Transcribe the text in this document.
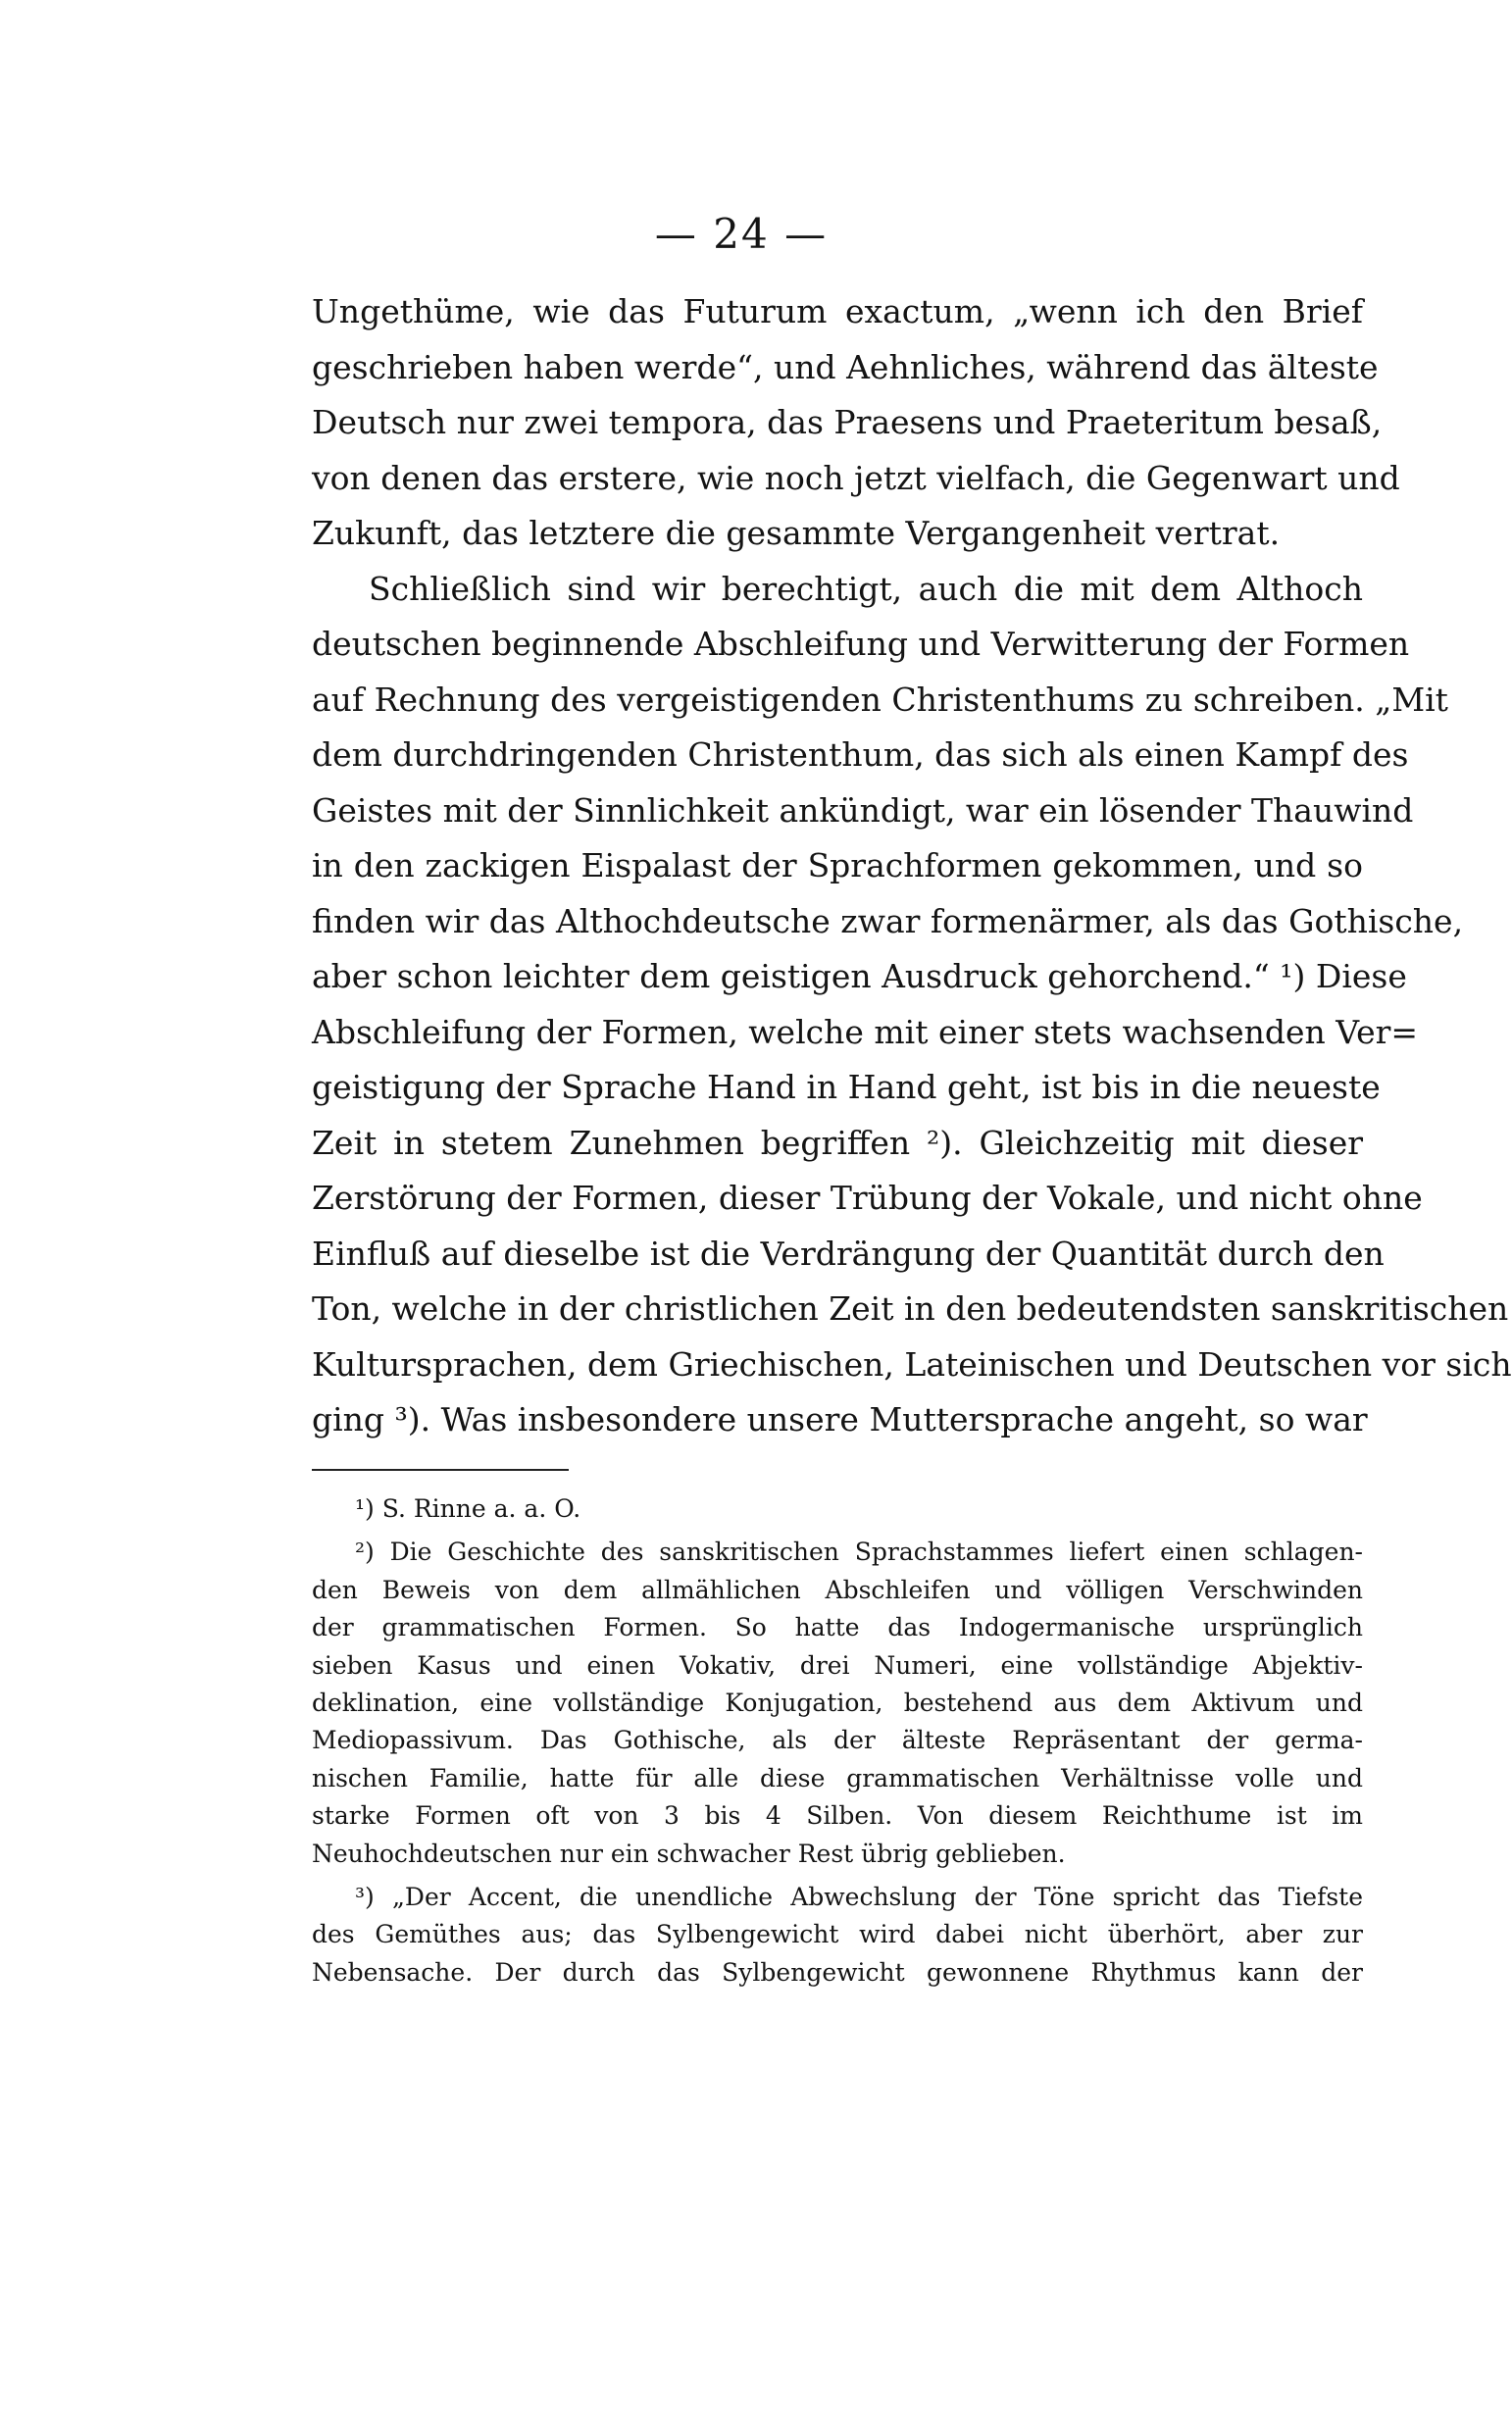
— 24 —
Ungethüme, wie das Futurum exactum, „wenn ich den Brief
geschrieben haben werde“, und Aehnliches, während das älteste
Deutsch nur zwei tempora, das Praesens und Praeteritum besaß,
von denen das erstere, wie noch jetzt vielfach, die Gegenwart und
Zukunft, das letztere die gesammte Vergangenheit vertrat.
Schließlich sind wir berechtigt, auch die mit dem Althoch
deutschen beginnende Abschleifung und Verwitterung der Formen
auf Rechnung des vergeistigenden Christenthums zu schreiben. „Mit
dem durchdringenden Christenthum, das sich als einen Kampf des
Geistes mit der Sinnlichkeit ankündigt, war ein lösender Thauwind
in den zackigen Eispalast der Sprachformen gekommen, und so
finden wir das Althochdeutsche zwar formenärmer, als das Gothische,
aber schon leichter dem geistigen Ausdruck gehorchend.“ ¹) Diese
Abschleifung der Formen, welche mit einer stets wachsenden Ver=
geistigung der Sprache Hand in Hand geht, ist bis in die neueste
Zeit in stetem Zunehmen begriffen ²). Gleichzeitig mit dieser
Zerstörung der Formen, dieser Trübung der Vokale, und nicht ohne
Einfluß auf dieselbe ist die Verdrängung der Quantität durch den
Ton, welche in der christlichen Zeit in den bedeutendsten sanskritischen
Kultursprachen, dem Griechischen, Lateinischen und Deutschen vor sich
ging ³). Was insbesondere unsere Muttersprache angeht, so war
¹) S. Rinne a. a. O.
²) Die Geschichte des sanskritischen Sprachstammes liefert einen schlagen-
den Beweis von dem allmählichen Abschleifen und völligen Verschwinden
der grammatischen Formen. So hatte das Indogermanische ursprünglich
sieben Kasus und einen Vokativ, drei Numeri, eine vollständige Abjektiv-
deklination, eine vollständige Konjugation, bestehend aus dem Aktivum und
Mediopassivum. Das Gothische, als der älteste Repräsentant der germa-
nischen Familie, hatte für alle diese grammatischen Verhältnisse volle und
starke Formen oft von 3 bis 4 Silben. Von diesem Reichthume ist im
Neuhochdeutschen nur ein schwacher Rest übrig geblieben.
³) „Der Accent, die unendliche Abwechslung der Töne spricht das Tiefste
des Gemüthes aus; das Sylbengewicht wird dabei nicht überhört, aber zur
Nebensache. Der durch das Sylbengewicht gewonnene Rhythmus kann der
